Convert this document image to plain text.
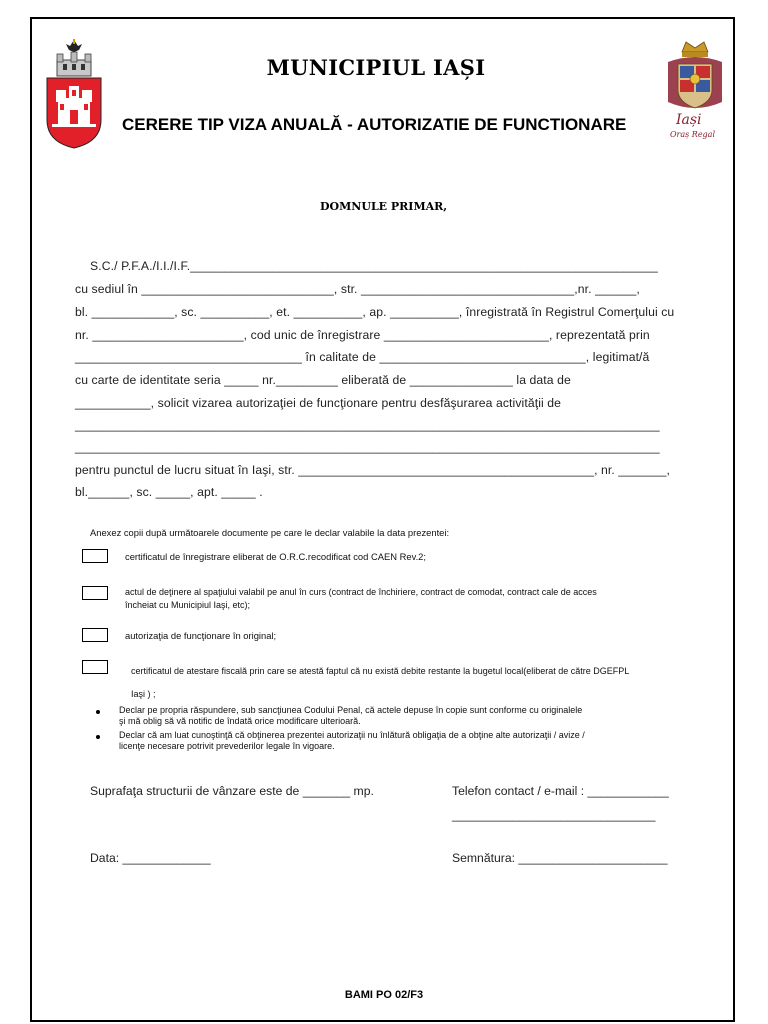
Iași
Oraș Regal
MUNICIPIUL IAȘI
CERERE TIP VIZA ANUALĂ - AUTORIZATIE DE FUNCTIONARE
DOMNULE PRIMAR,
S.C./ P.F.A./I.I./I.F.____________________________________________________________________
cu sediul în ____________________________, str. _______________________________,nr. ______,
bl. ____________, sc. __________, et. __________, ap. __________, înregistrată în Registrul Comerţului cu
nr. ______________________, cod unic de înregistrare ________________________, reprezentată prin
_________________________________ în calitate de ______________________________, legitimat/ă
cu carte de identitate seria _____ nr._________ eliberată de _______________ la data de
___________, solicit vizarea autorizaţiei de funcţionare pentru desfăşurarea activităţii de
_____________________________________________________________________________________
_____________________________________________________________________________________
pentru punctul de lucru situat în Iaşi, str. ___________________________________________, nr. _______,
bl.______, sc. _____, apt. _____ .
Anexez copii după următoarele documente pe care le declar valabile la data prezentei:
certificatul de înregistrare eliberat de O.R.C.recodificat cod CAEN Rev.2;
actul de deţinere al spaţiului valabil pe anul în curs (contract de închiriere, contract de comodat, contract cale de acces
încheiat cu Municipiul Iaşi, etc);
autorizaţia de funcţionare în original;
certificatul de atestare fiscală prin care se atestă faptul că nu există debite restante la bugetul local(eliberat de către DGEFPL
Iaşi ) ;
Declar pe propria răspundere, sub sancţiunea Codului Penal, că actele depuse în copie sunt conforme cu originalele
şi mă oblig să vă notific de îndată orice modificare ulterioară.
Declar că am luat cunoştinţă că obţinerea prezentei autorizaţii nu înlătură obligaţia de a obţine alte autorizaţii / avize /
licenţe necesare potrivit prevederilor legale în vigoare.
Suprafaţa structurii de vânzare este de _______ mp.	Telefon contact / e-mail : ____________
______________________________
Data: _____________	Semnătura: ______________________
BAMI PO 02/F3
